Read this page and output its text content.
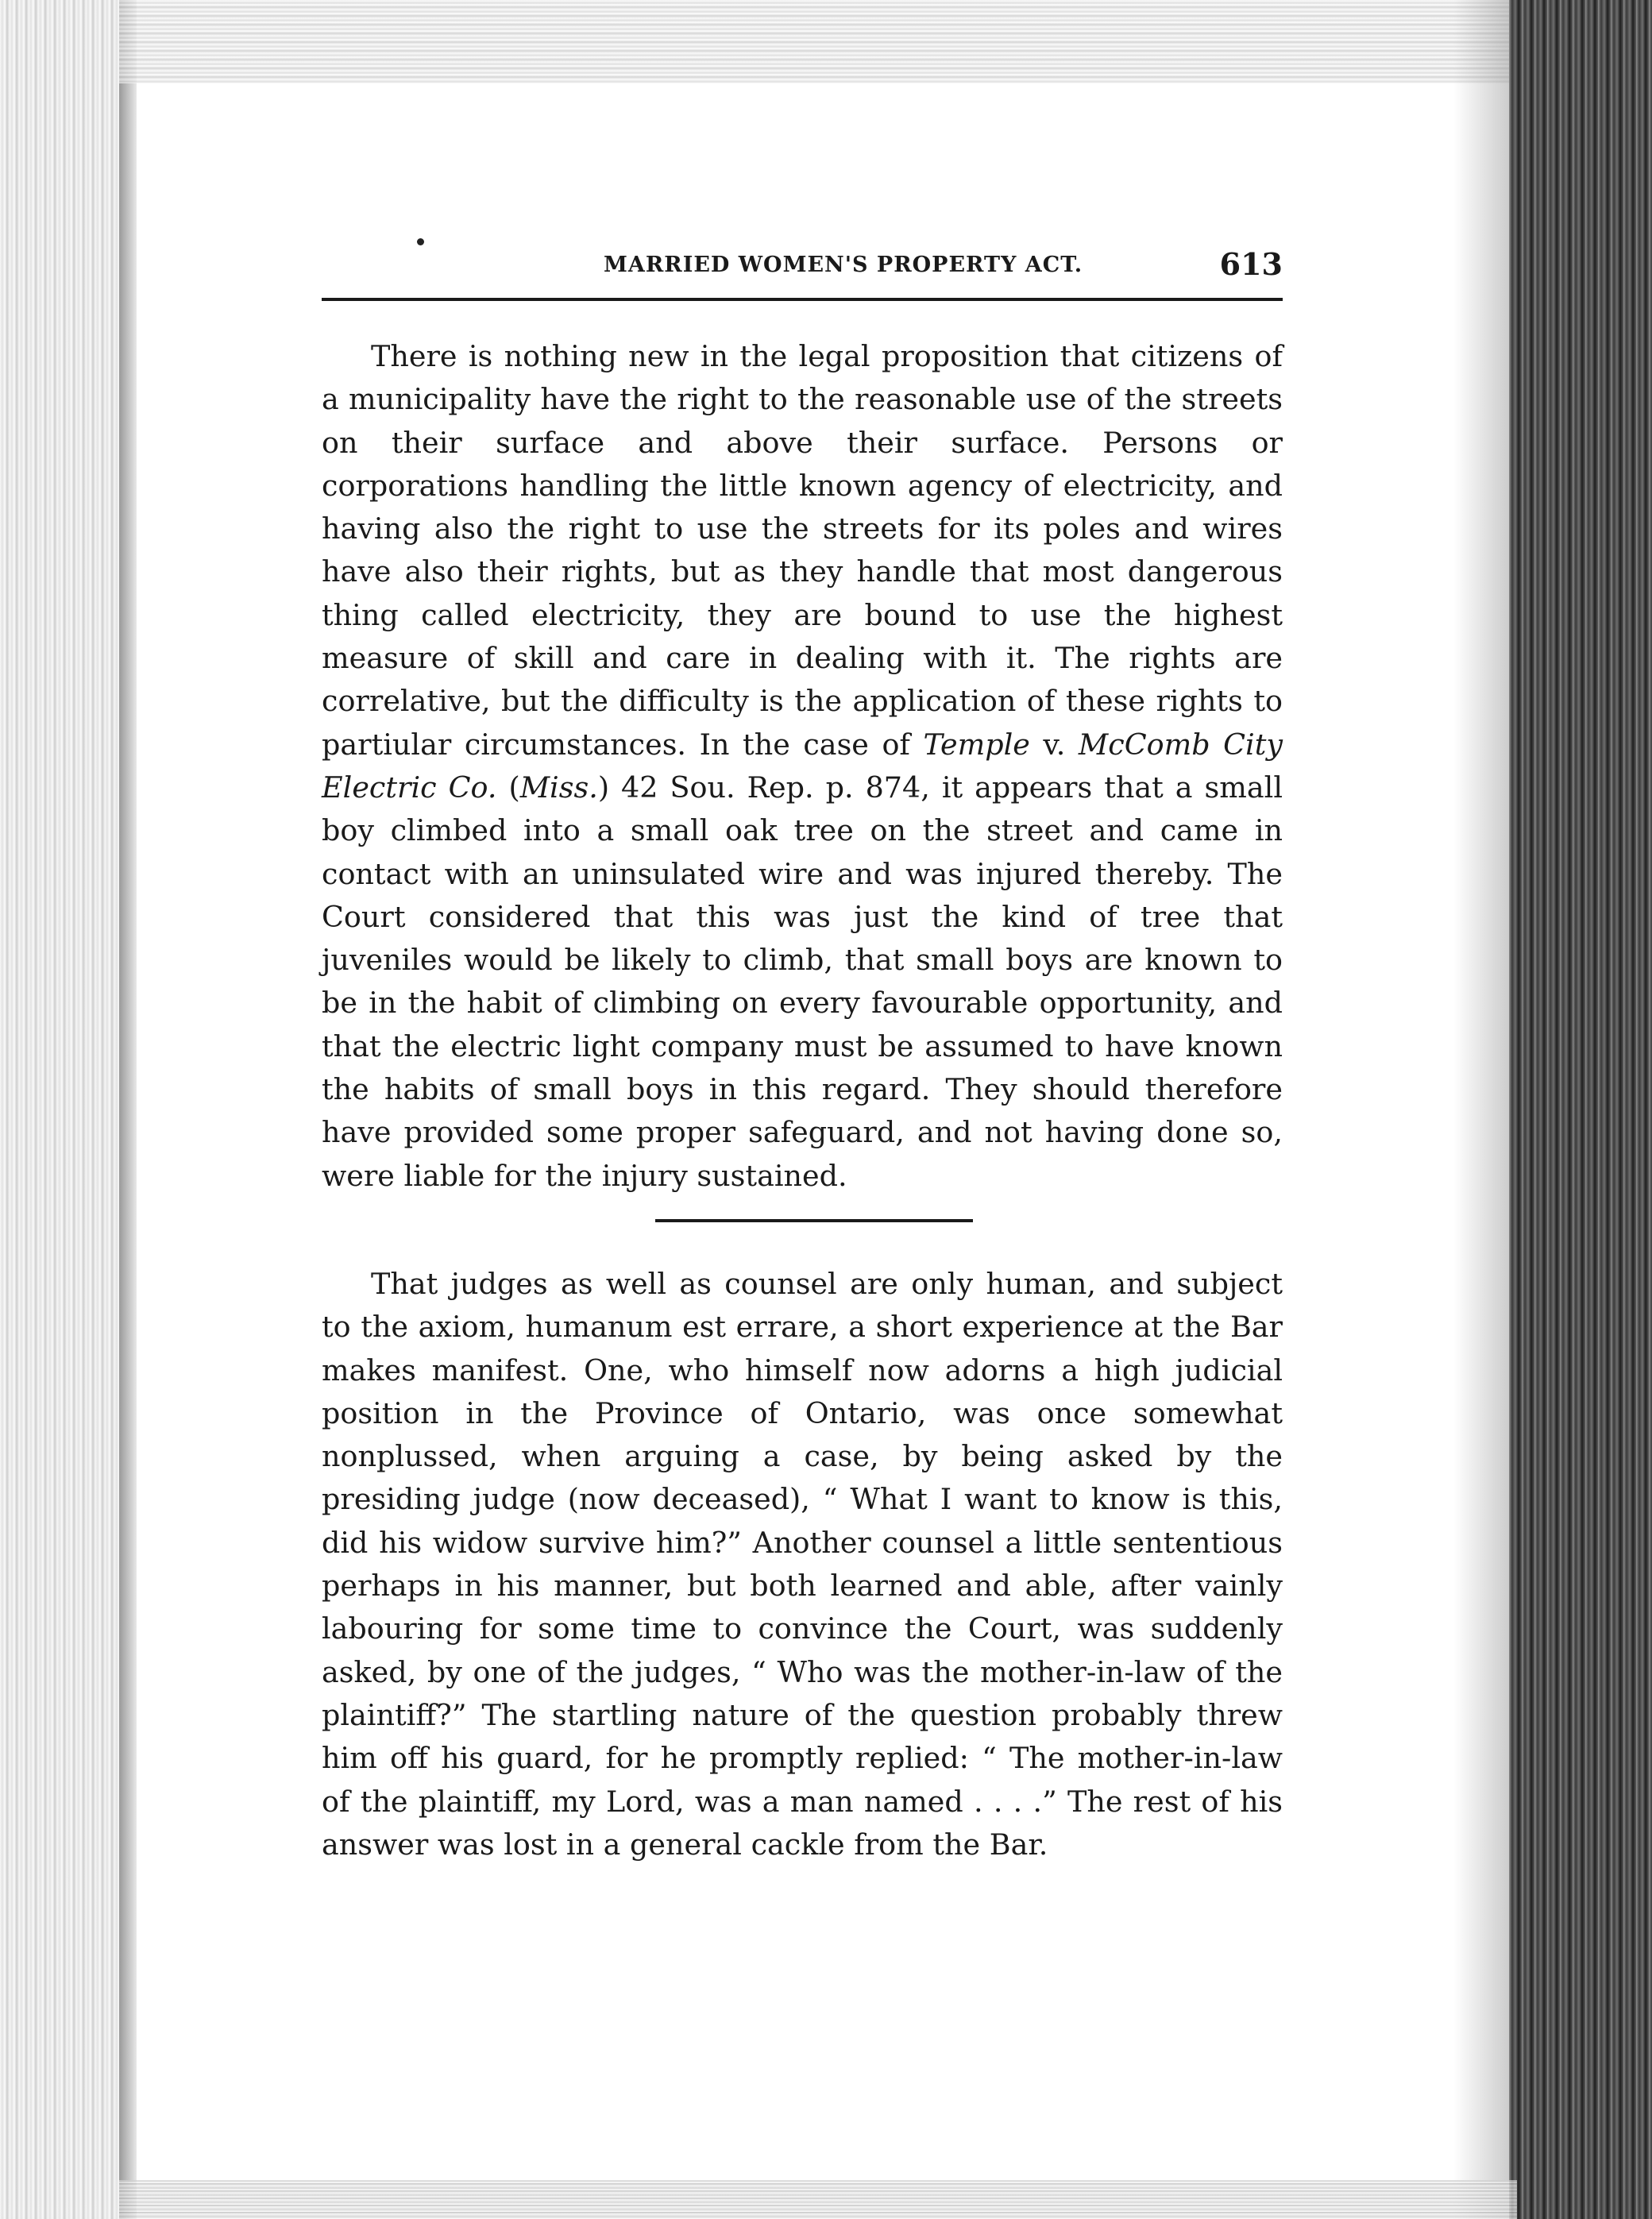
MARRIED WOMEN'S PROPERTY ACT.	613

There is nothing new in the legal proposition that citizens of a municipality have the right to the reasonable use of the streets on their surface and above their surface. Persons or corporations handling the little known agency of electricity, and having also the right to use the streets for its poles and wires have also their rights, but as they handle that most dangerous thing called electricity, they are bound to use the highest measure of skill and care in dealing with it. The rights are correlative, but the difficulty is the application of these rights to partiular circumstances. In the case of Temple v. McComb City Electric Co. (Miss.) 42 Sou. Rep. p. 874, it appears that a small boy climbed into a small oak tree on the street and came in contact with an uninsulated wire and was injured thereby. The Court considered that this was just the kind of tree that juveniles would be likely to climb, that small boys are known to be in the habit of climbing on every favourable opportunity, and that the electric light company must be assumed to have known the habits of small boys in this regard. They should therefore have provided some proper safeguard, and not having done so, were liable for the injury sustained.

That judges as well as counsel are only human, and subject to the axiom, humanum est errare, a short experience at the Bar makes manifest. One, who himself now adorns a high judicial position in the Province of Ontario, was once somewhat nonplussed, when arguing a case, by being asked by the presiding judge (now deceased), “ What I want to know is this, did his widow survive him?” Another counsel a little sententious perhaps in his manner, but both learned and able, after vainly labouring for some time to convince the Court, was suddenly asked, by one of the judges, “ Who was the mother-in-law of the plaintiff?” The startling nature of the question probably threw him off his guard, for he promptly replied: “ The mother-in-law of the plaintiff, my Lord, was a man named . . . .” The rest of his answer was lost in a general cackle from the Bar.
